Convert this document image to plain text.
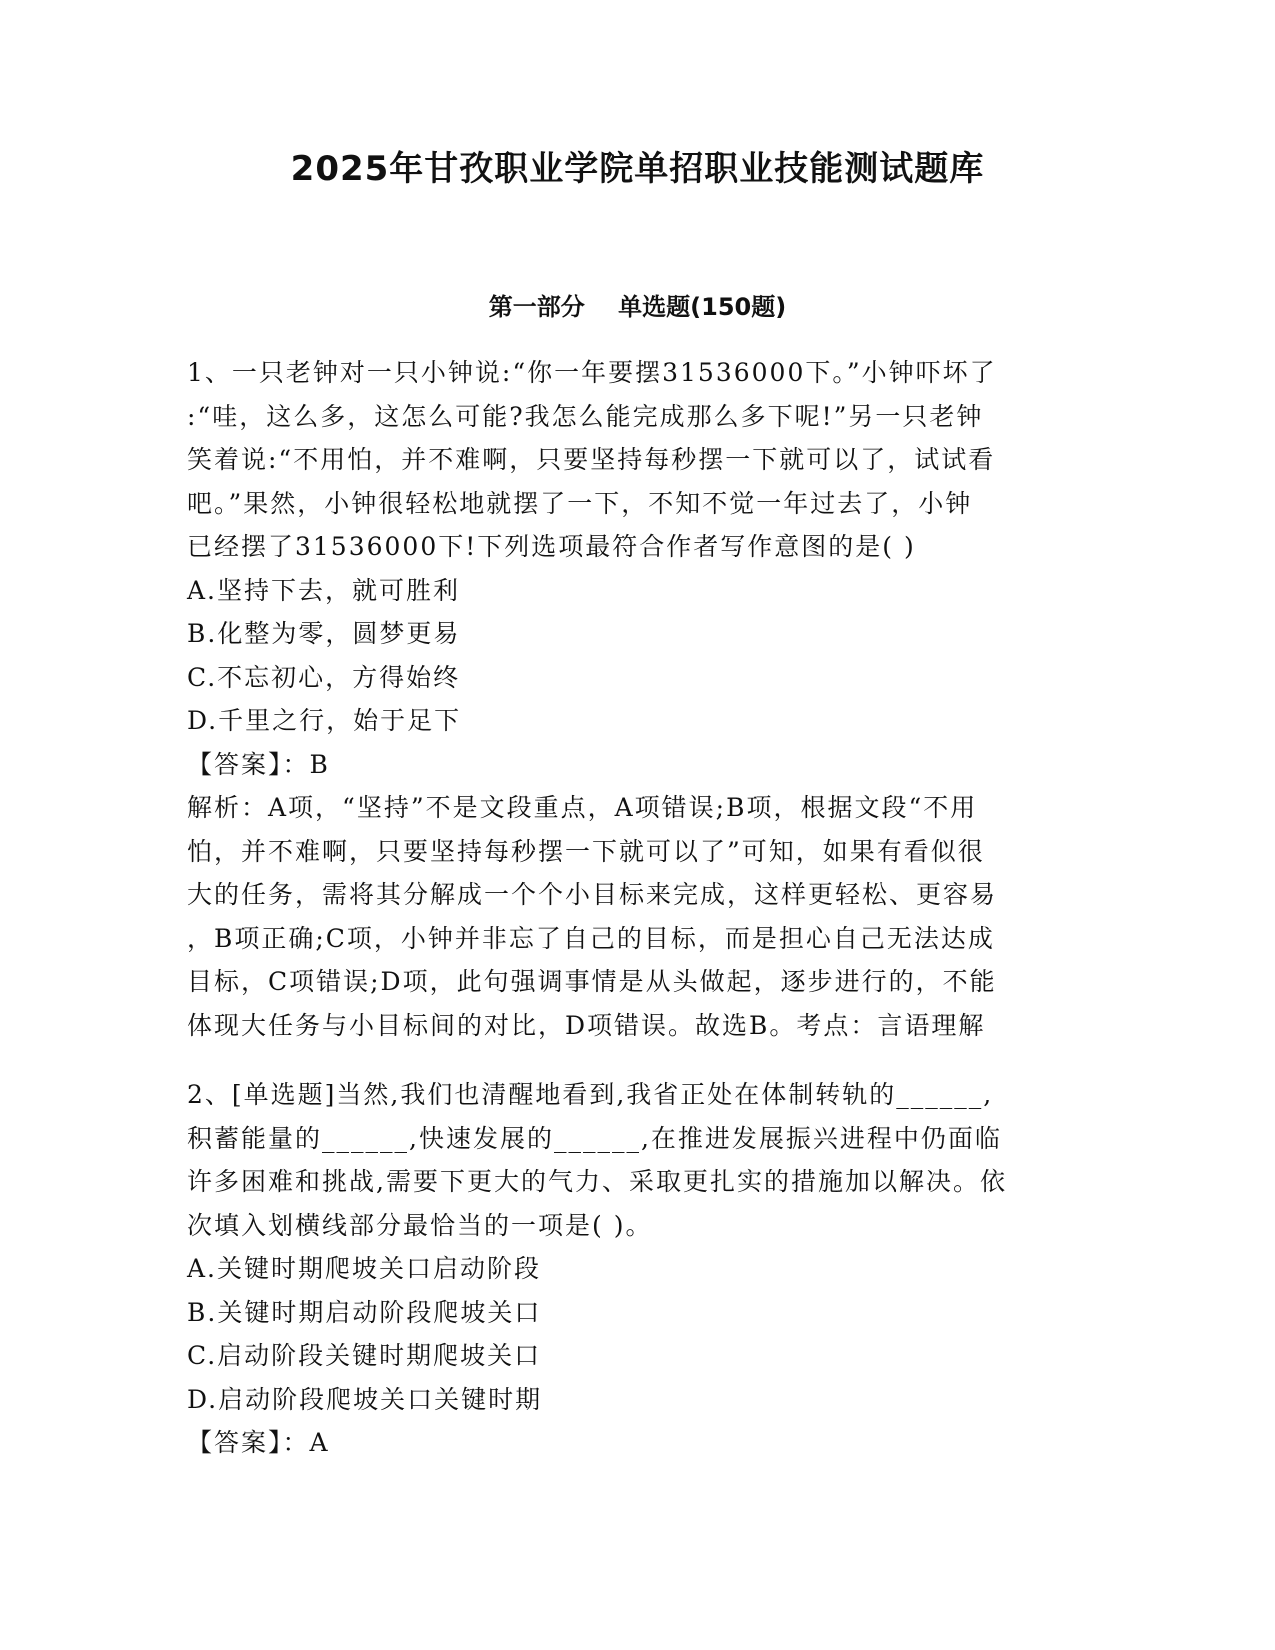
2025年甘孜职业学院单招职业技能测试题库
第一部分    单选题(150题)
1、一只老钟对一只小钟说:“你一年要摆31536000下。”小钟吓坏了
:“哇，这么多，这怎么可能?我怎么能完成那么多下呢!”另一只老钟
笑着说:“不用怕，并不难啊，只要坚持每秒摆一下就可以了，试试看
吧。”果然，小钟很轻松地就摆了一下，不知不觉一年过去了，小钟
已经摆了31536000下!下列选项最符合作者写作意图的是( )
A.坚持下去，就可胜利
B.化整为零，圆梦更易
C.不忘初心，方得始终
D.千里之行，始于足下
【答案】：B
解析：A项，“坚持”不是文段重点，A项错误;B项，根据文段“不用
怕，并不难啊，只要坚持每秒摆一下就可以了”可知，如果有看似很
大的任务，需将其分解成一个个小目标来完成，这样更轻松、更容易
，B项正确;C项，小钟并非忘了自己的目标，而是担心自己无法达成
目标，C项错误;D项，此句强调事情是从头做起，逐步进行的，不能
体现大任务与小目标间的对比，D项错误。故选B。考点：言语理解
2、[单选题]当然,我们也清醒地看到,我省正处在体制转轨的______,
积蓄能量的______,快速发展的______,在推进发展振兴进程中仍面临
许多困难和挑战,需要下更大的气力、采取更扎实的措施加以解决。依
次填入划横线部分最恰当的一项是( )。
A.关键时期爬坡关口启动阶段
B.关键时期启动阶段爬坡关口
C.启动阶段关键时期爬坡关口
D.启动阶段爬坡关口关键时期
【答案】：A
